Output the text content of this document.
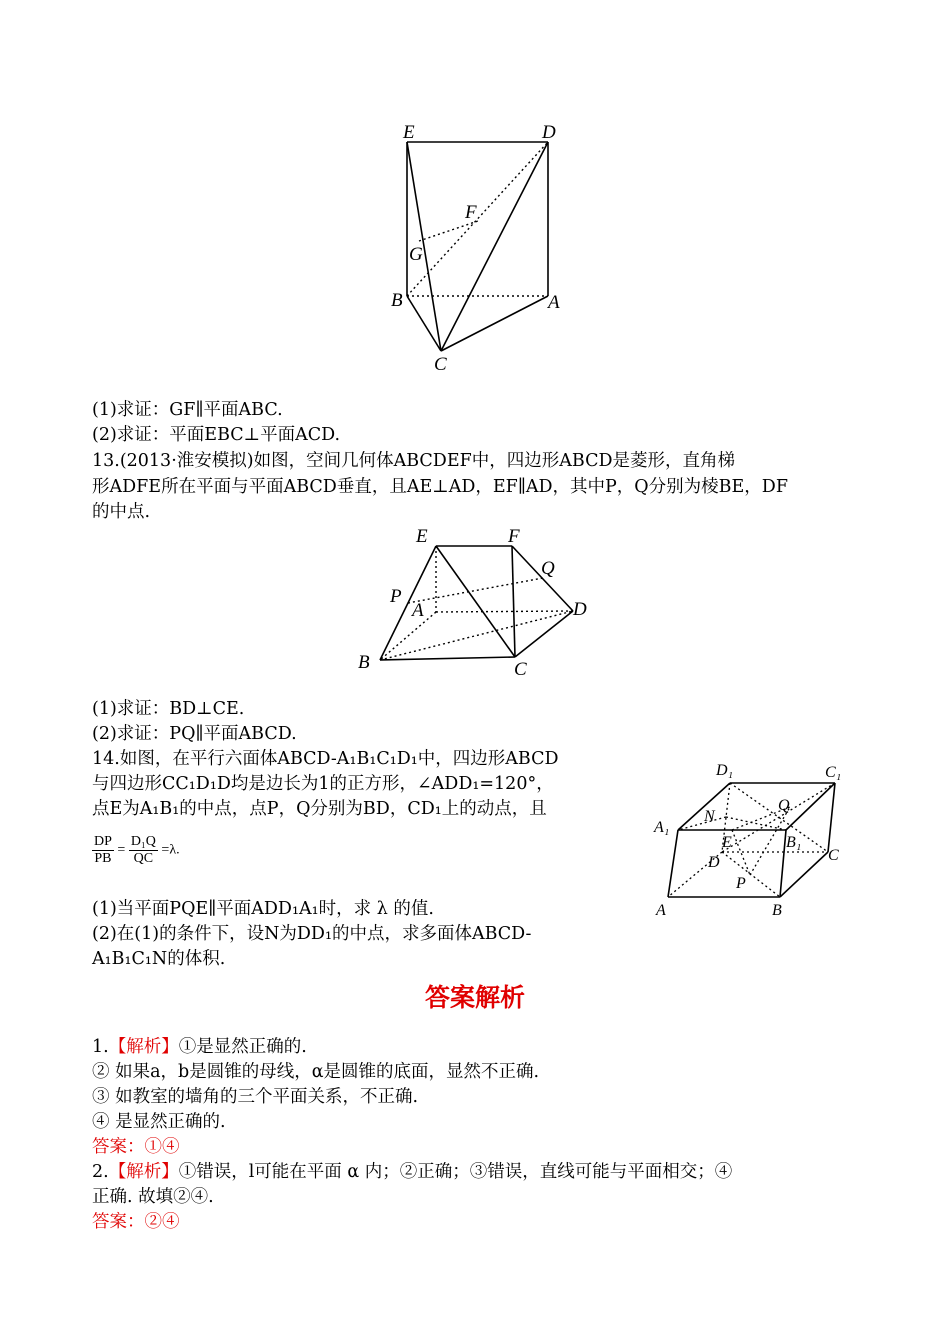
E	D
F
G
B	A
C
(1)求证：GF∥平面ABC.
(2)求证：平面EBC⊥平面ACD.
13.(2013·淮安模拟)如图，空间几何体ABCDEF中，四边形ABCD是菱形，直角梯
形ADFE所在平面与平面ABCD垂直，且AE⊥AD，EF∥AD，其中P，Q分别为棱BE，DF
的中点.
E	F
Q
P
A	D
B	C
(1)求证：BD⊥CE.
(2)求证：PQ∥平面ABCD.
14.如图，在平行六面体ABCD-A₁B₁C₁D₁中，四边形ABCD
与四边形CC₁D₁D均是边长为1的正方形，∠ADD₁=120°，
点E为A₁B₁的中点，点P，Q分别为BD，CD₁上的动点，且
$\frac{DP}{PB} = \frac{\text{D₁Q}}{QC} =\lambda$.
(1)当平面PQE∥平面ADD₁A₁时，求 λ 的值.
(2)在(1)的条件下，设N为DD₁的中点，求多面体ABCD-
A₁B₁C₁N的体积.
D₁	C₁
N
Q
A₁
E	B₁
D	C
P
A	B
答案解析
1.【解析】①是显然正确的.
② 如果a，b是圆锥的母线，α是圆锥的底面，显然不正确.
③ 如教室的墙角的三个平面关系，不正确.
④ 是显然正确的.
答案：①④
2.【解析】①错误，l可能在平面 α 内；②正确；③错误，直线可能与平面相交；④
正确. 故填②④.
答案：②④
